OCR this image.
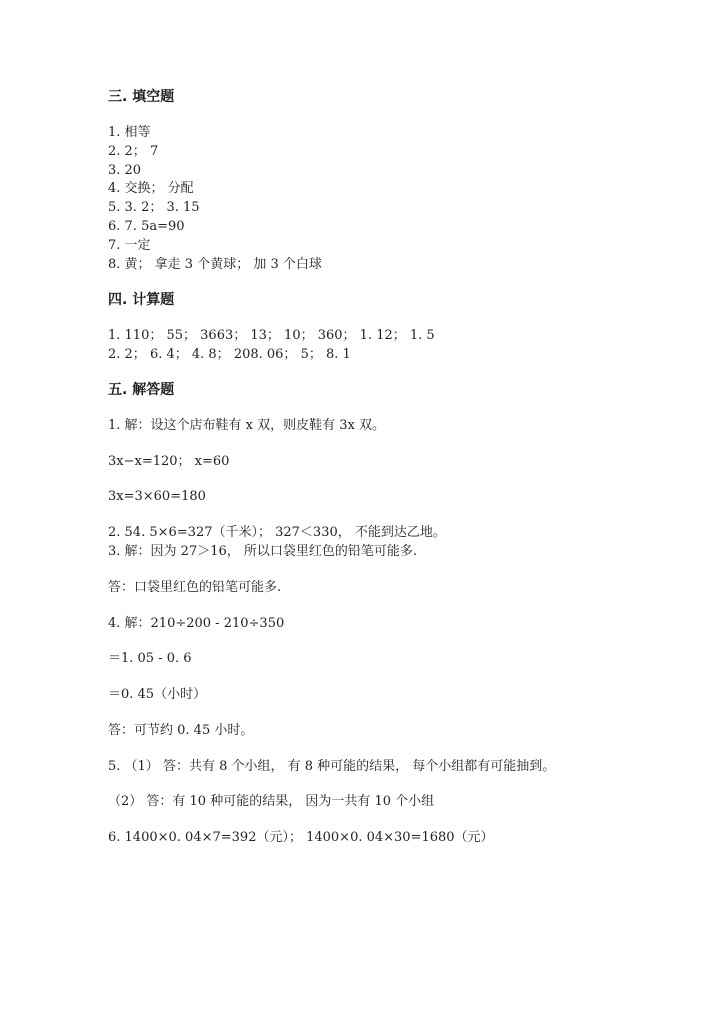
三. 填空题
1. 相等
2. 2； 7
3. 20
4. 交换； 分配
5. 3. 2； 3. 15
6. 7. 5a=90
7. 一定
8. 黄； 拿走 3 个黄球； 加 3 个白球
四. 计算题
1. 110； 55； 3663； 13； 10； 360； 1. 12； 1. 5
2. 2； 6. 4； 4. 8； 208. 06； 5； 8. 1
五. 解答题
1. 解：设这个店布鞋有 x 双，则皮鞋有 3x 双。
3x−x=120； x=60
3x=3×60=180
2. 54. 5×6=327（千米）； 327＜330， 不能到达乙地。
3. 解：因为 27＞16， 所以口袋里红色的铅笔可能多.
答：口袋里红色的铅笔可能多.
4. 解：210÷200 - 210÷350
＝1. 05 - 0. 6
＝0. 45（小时）
答：可节约 0. 45 小时。
5. （1） 答：共有 8 个小组， 有 8 种可能的结果， 每个小组都有可能抽到。
（2） 答：有 10 种可能的结果， 因为一共有 10 个小组
6. 1400×0. 04×7=392（元）； 1400×0. 04×30=1680（元）
